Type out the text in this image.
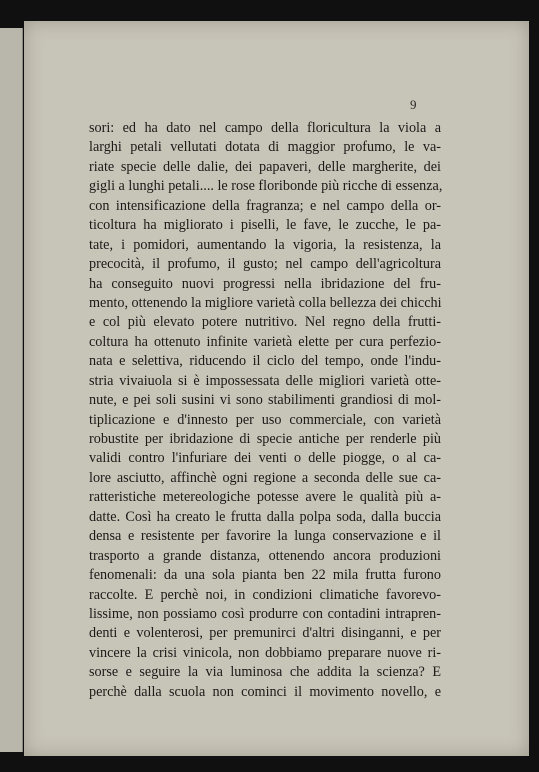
9
sori: ed ha dato nel campo della floricultura la viola a
larghi petali vellutati dotata di maggior profumo, le va-
riate specie delle dalie, dei papaveri, delle margherite, dei
gigli a lunghi petali.... le rose floribonde più ricche di essenza,
con intensificazione della fragranza; e nel campo della or-
ticoltura ha migliorato i piselli, le fave, le zucche, le pa-
tate, i pomidori, aumentando la vigoria, la resistenza, la
precocità, il profumo, il gusto; nel campo dell'agricoltura
ha conseguito nuovi progressi nella ibridazione del fru-
mento, ottenendo la migliore varietà colla bellezza dei chicchi
e col più elevato potere nutritivo. Nel regno della frutti-
coltura ha ottenuto infinite varietà elette per cura perfezio-
nata e selettiva, riducendo il ciclo del tempo, onde l'indu-
stria vivaiuola si è impossessata delle migliori varietà otte-
nute, e pei soli susini vi sono stabilimenti grandiosi di mol-
tiplicazione e d'innesto per uso commerciale, con varietà
robustite per ibridazione di specie antiche per renderle più
validi contro l'infuriare dei venti o delle piogge, o al ca-
lore asciutto, affinchè ogni regione a seconda delle sue ca-
ratteristiche metereologiche potesse avere le qualità più a-
datte. Così ha creato le frutta dalla polpa soda, dalla buccia
densa e resistente per favorire la lunga conservazione e il
trasporto a grande distanza, ottenendo ancora produzioni
fenomenali: da una sola pianta ben 22 mila frutta furono
raccolte. E perchè noi, in condizioni climatiche favorevo-
lissime, non possiamo così produrre con contadini intrapren-
denti e volenterosi, per premunirci d'altri disinganni, e per
vincere la crisi vinicola, non dobbiamo preparare nuove ri-
sorse e seguire la via luminosa che addita la scienza? E
perchè dalla scuola non cominci il movimento novello, e
